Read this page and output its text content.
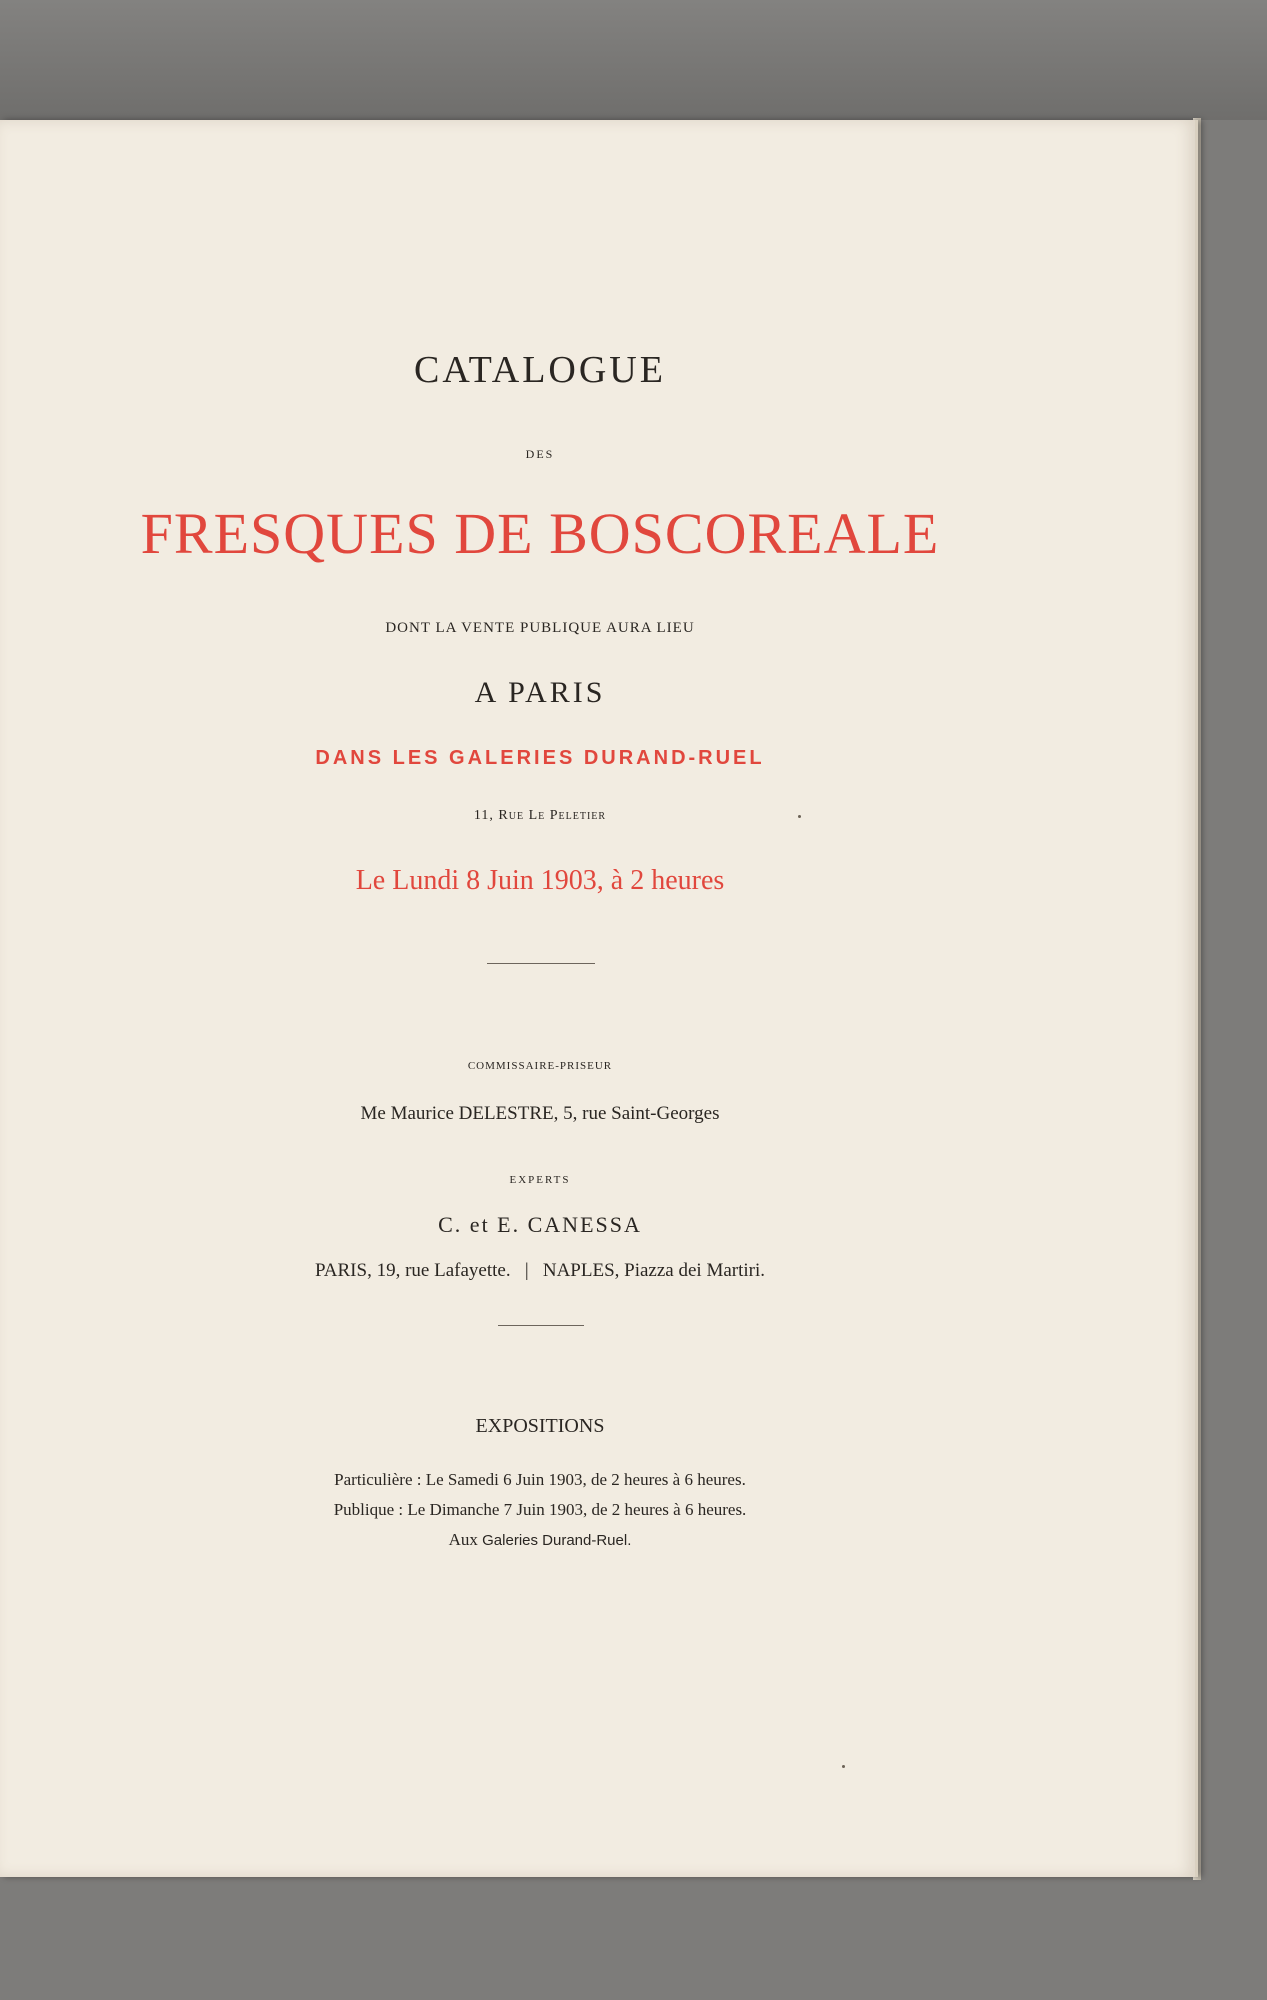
CATALOGUE
DES
FRESQUES DE BOSCOREALE
DONT LA VENTE PUBLIQUE AURA LIEU
A PARIS
DANS LES GALERIES DURAND-RUEL
11, Rue Le Peletier
Le Lundi 8 Juin 1903, à 2 heures
COMMISSAIRE-PRISEUR
Me Maurice DELESTRE, 5, rue Saint-Georges
EXPERTS
C. et E. CANESSA
PARIS, 19, rue Lafayette.   |   NAPLES, Piazza dei Martiri.
EXPOSITIONS
Particulière : Le Samedi 6 Juin 1903, de 2 heures à 6 heures.
Publique : Le Dimanche 7 Juin 1903, de 2 heures à 6 heures.
Aux Galeries Durand-Ruel.
